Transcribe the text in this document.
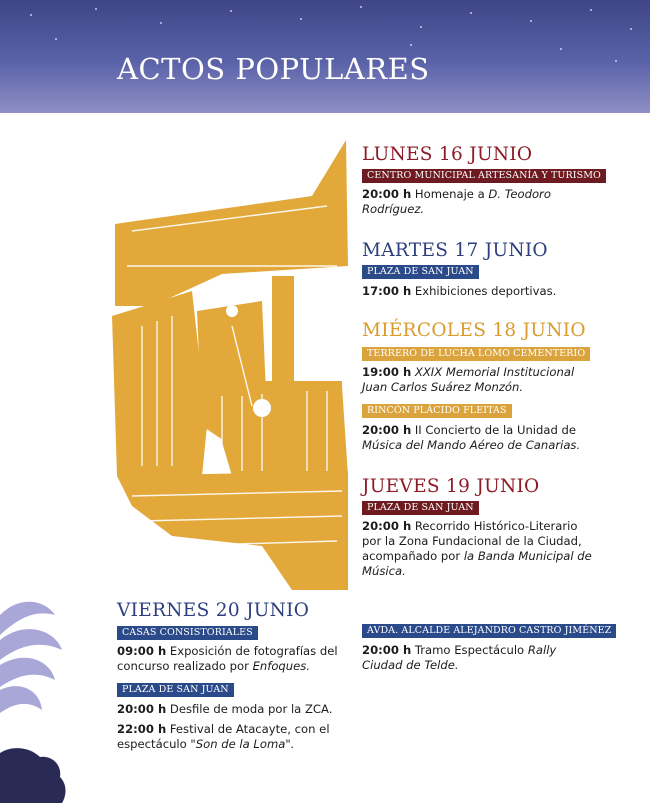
ACTOS POPULARES
LUNES 16 JUNIO
CENTRO MUNICIPAL ARTESANÍA Y TURISMO
20:00 h Homenaje a D. Teodoro Rodríguez.
MARTES 17 JUNIO
PLAZA DE SAN JUAN
17:00 h Exhibiciones deportivas.
MIÉRCOLES 18 JUNIO
TERRERO DE LUCHA LOMO CEMENTERIO
19:00 h XXIX Memorial Institucional Juan Carlos Suárez Monzón.
RINCÓN PLÁCIDO FLEITAS
20:00 h II Concierto de la Unidad de Música del Mando Aéreo de Canarias.
JUEVES 19 JUNIO
PLAZA DE SAN JUAN
20:00 h Recorrido Histórico-Literario por la Zona Fundacional de la Ciudad, acompañado por la Banda Municipal de Música.
VIERNES 20 JUNIO
CASAS CONSISTORIALES
09:00 h Exposición de fotografías del concurso realizado por Enfoques.
PLAZA DE SAN JUAN
20:00 h Desfile de moda por la ZCA.
22:00 h Festival de Atacayte, con el espectáculo "Son de la Loma".
AVDA. ALCALDE ALEJANDRO CASTRO JIMÉNEZ
20:00 h Tramo Espectáculo Rally Ciudad de Telde.
